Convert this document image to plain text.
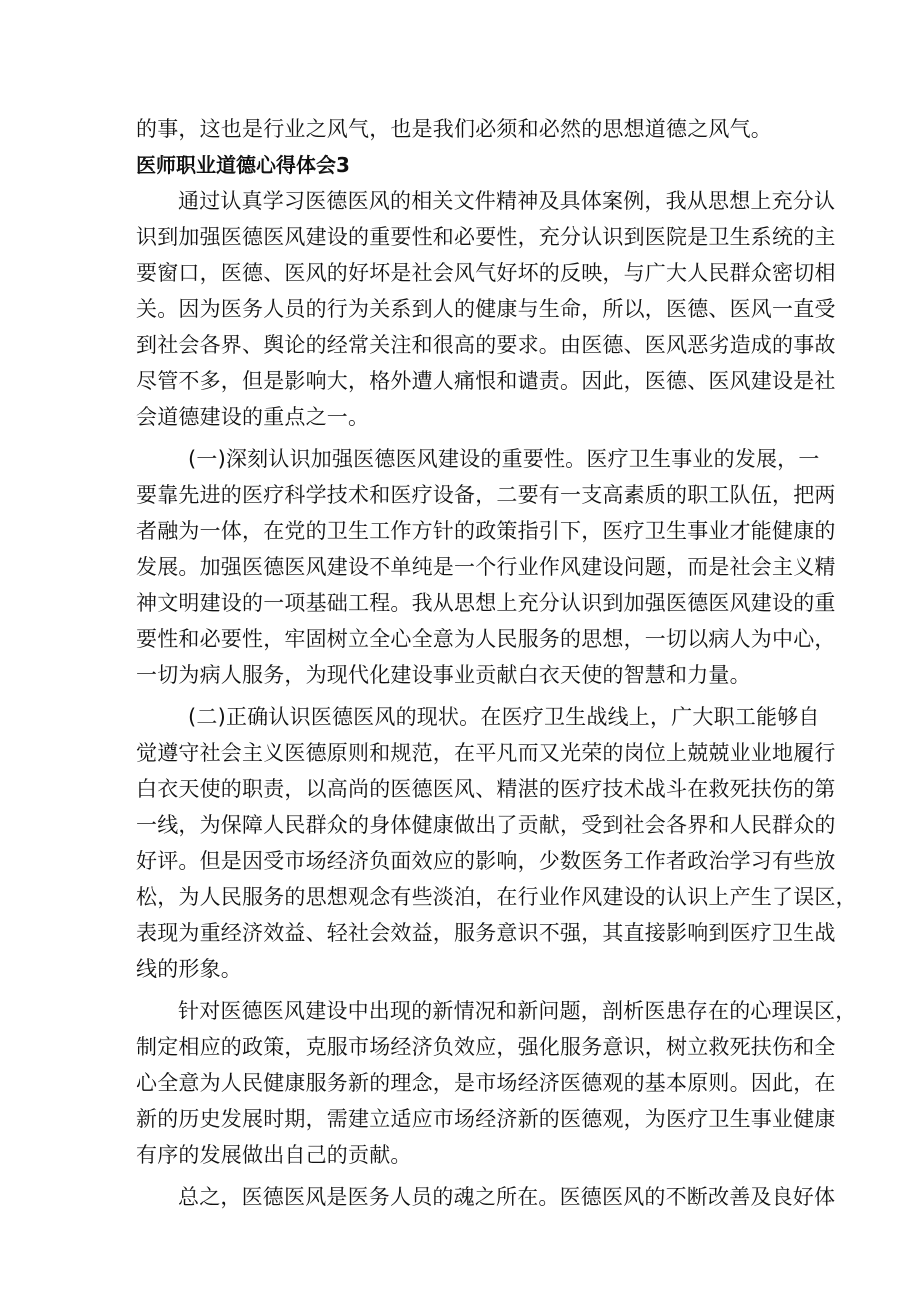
的事，这也是行业之风气，也是我们必须和必然的思想道德之风气。
医师职业道德心得体会3
通过认真学习医德医风的相关文件精神及具体案例，我从思想上充分认
识到加强医德医风建设的重要性和必要性，充分认识到医院是卫生系统的主
要窗口，医德、医风的好坏是社会风气好坏的反映，与广大人民群众密切相
关。因为医务人员的行为关系到人的健康与生命，所以，医德、医风一直受
到社会各界、舆论的经常关注和很高的要求。由医德、医风恶劣造成的事故
尽管不多，但是影响大，格外遭人痛恨和谴责。因此，医德、医风建设是社
会道德建设的重点之一。
(一)深刻认识加强医德医风建设的重要性。医疗卫生事业的发展，一
要靠先进的医疗科学技术和医疗设备，二要有一支高素质的职工队伍，把两
者融为一体，在党的卫生工作方针的政策指引下，医疗卫生事业才能健康的
发展。加强医德医风建设不单纯是一个行业作风建设问题，而是社会主义精
神文明建设的一项基础工程。我从思想上充分认识到加强医德医风建设的重
要性和必要性，牢固树立全心全意为人民服务的思想，一切以病人为中心，
一切为病人服务，为现代化建设事业贡献白衣天使的智慧和力量。
(二)正确认识医德医风的现状。在医疗卫生战线上，广大职工能够自
觉遵守社会主义医德原则和规范，在平凡而又光荣的岗位上兢兢业业地履行
白衣天使的职责，以高尚的医德医风、精湛的医疗技术战斗在救死扶伤的第
一线，为保障人民群众的身体健康做出了贡献，受到社会各界和人民群众的
好评。但是因受市场经济负面效应的影响，少数医务工作者政治学习有些放
松，为人民服务的思想观念有些淡泊，在行业作风建设的认识上产生了误区，
表现为重经济效益、轻社会效益，服务意识不强，其直接影响到医疗卫生战
线的形象。
针对医德医风建设中出现的新情况和新问题，剖析医患存在的心理误区，
制定相应的政策，克服市场经济负效应，强化服务意识，树立救死扶伤和全
心全意为人民健康服务新的理念，是市场经济医德观的基本原则。因此，在
新的历史发展时期，需建立适应市场经济新的医德观，为医疗卫生事业健康
有序的发展做出自己的贡献。
总之，医德医风是医务人员的魂之所在。医德医风的不断改善及良好体
